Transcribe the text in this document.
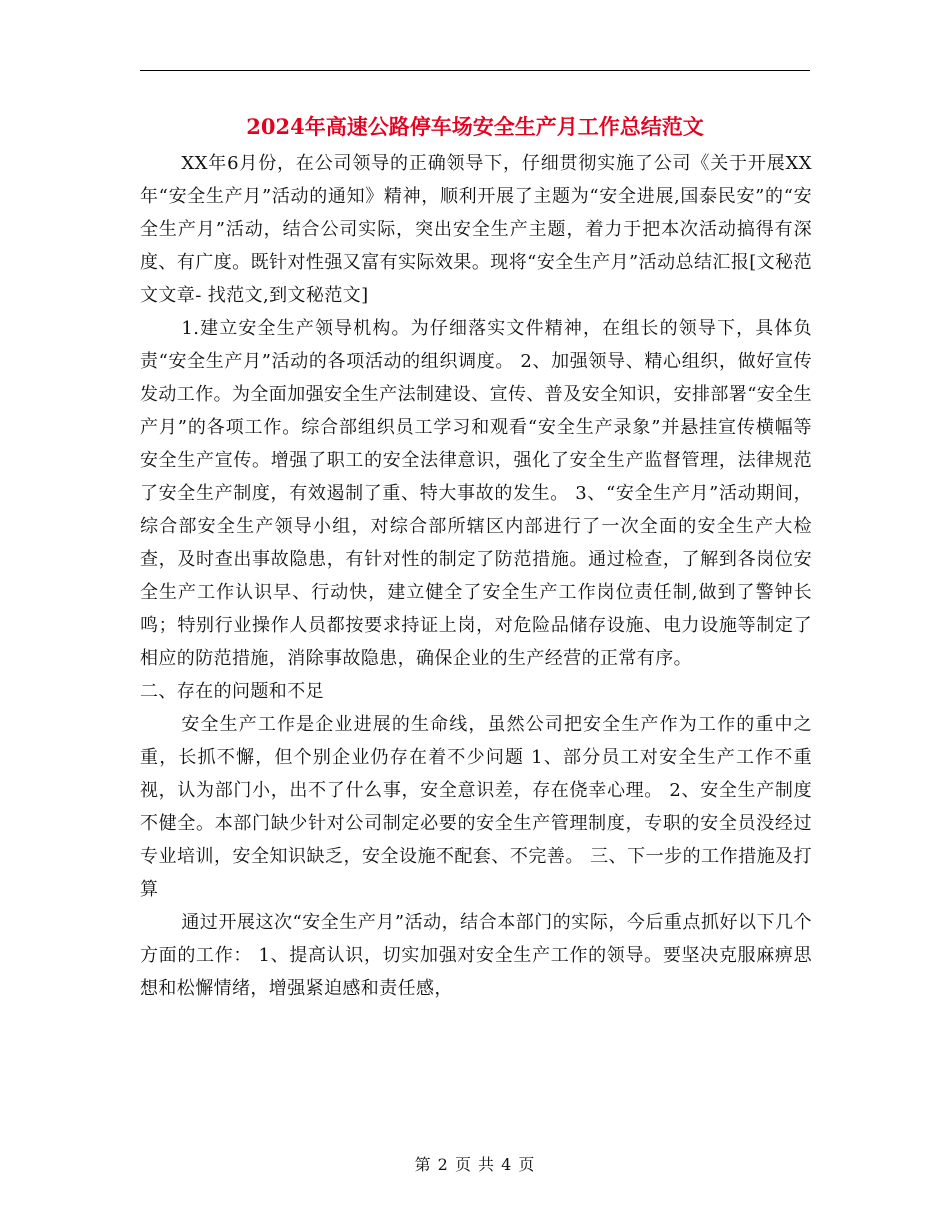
2024年高速公路停车场安全生产月工作总结范文

XX年6月份，在公司领导的正确领导下，仔细贯彻实施了公司《关于开展XX年“安全生产月”活动的通知》精神，顺利开展了主题为“安全进展,国泰民安”的“安全生产月”活动，结合公司实际，突出安全生产主题，着力于把本次活动搞得有深度、有广度。既针对性强又富有实际效果。现将“安全生产月”活动总结汇报[文秘范文文章- 找范文,到文秘范文]

1.建立安全生产领导机构。为仔细落实文件精神，在组长的领导下，具体负责“安全生产月”活动的各项活动的组织调度。 2、加强领导、精心组织，做好宣传发动工作。为全面加强安全生产法制建设、宣传、普及安全知识，安排部署“安全生产月”的各项工作。综合部组织员工学习和观看“安全生产录象”并悬挂宣传横幅等安全生产宣传。增强了职工的安全法律意识，强化了安全生产监督管理，法律规范了安全生产制度，有效遏制了重、特大事故的发生。 3、“安全生产月”活动期间，综合部安全生产领导小组，对综合部所辖区内部进行了一次全面的安全生产大检查，及时查出事故隐患，有针对性的制定了防范措施。通过检查，了解到各岗位安全生产工作认识早、行动快，建立健全了安全生产工作岗位责任制,做到了警钟长鸣；特别行业操作人员都按要求持证上岗，对危险品储存设施、电力设施等制定了相应的防范措施，消除事故隐患，确保企业的生产经营的正常有序。

二、存在的问题和不足

安全生产工作是企业进展的生命线，虽然公司把安全生产作为工作的重中之重，长抓不懈，但个别企业仍存在着不少问题 1、部分员工对安全生产工作不重视，认为部门小，出不了什么事，安全意识差，存在侥幸心理。 2、安全生产制度不健全。本部门缺少针对公司制定必要的安全生产管理制度，专职的安全员没经过专业培训，安全知识缺乏，安全设施不配套、不完善。 三、下一步的工作措施及打算

通过开展这次“安全生产月”活动，结合本部门的实际，今后重点抓好以下几个方面的工作： 1、提高认识，切实加强对安全生产工作的领导。要坚决克服麻痹思想和松懈情绪，增强紧迫感和责任感，

第 2 页 共 4 页
